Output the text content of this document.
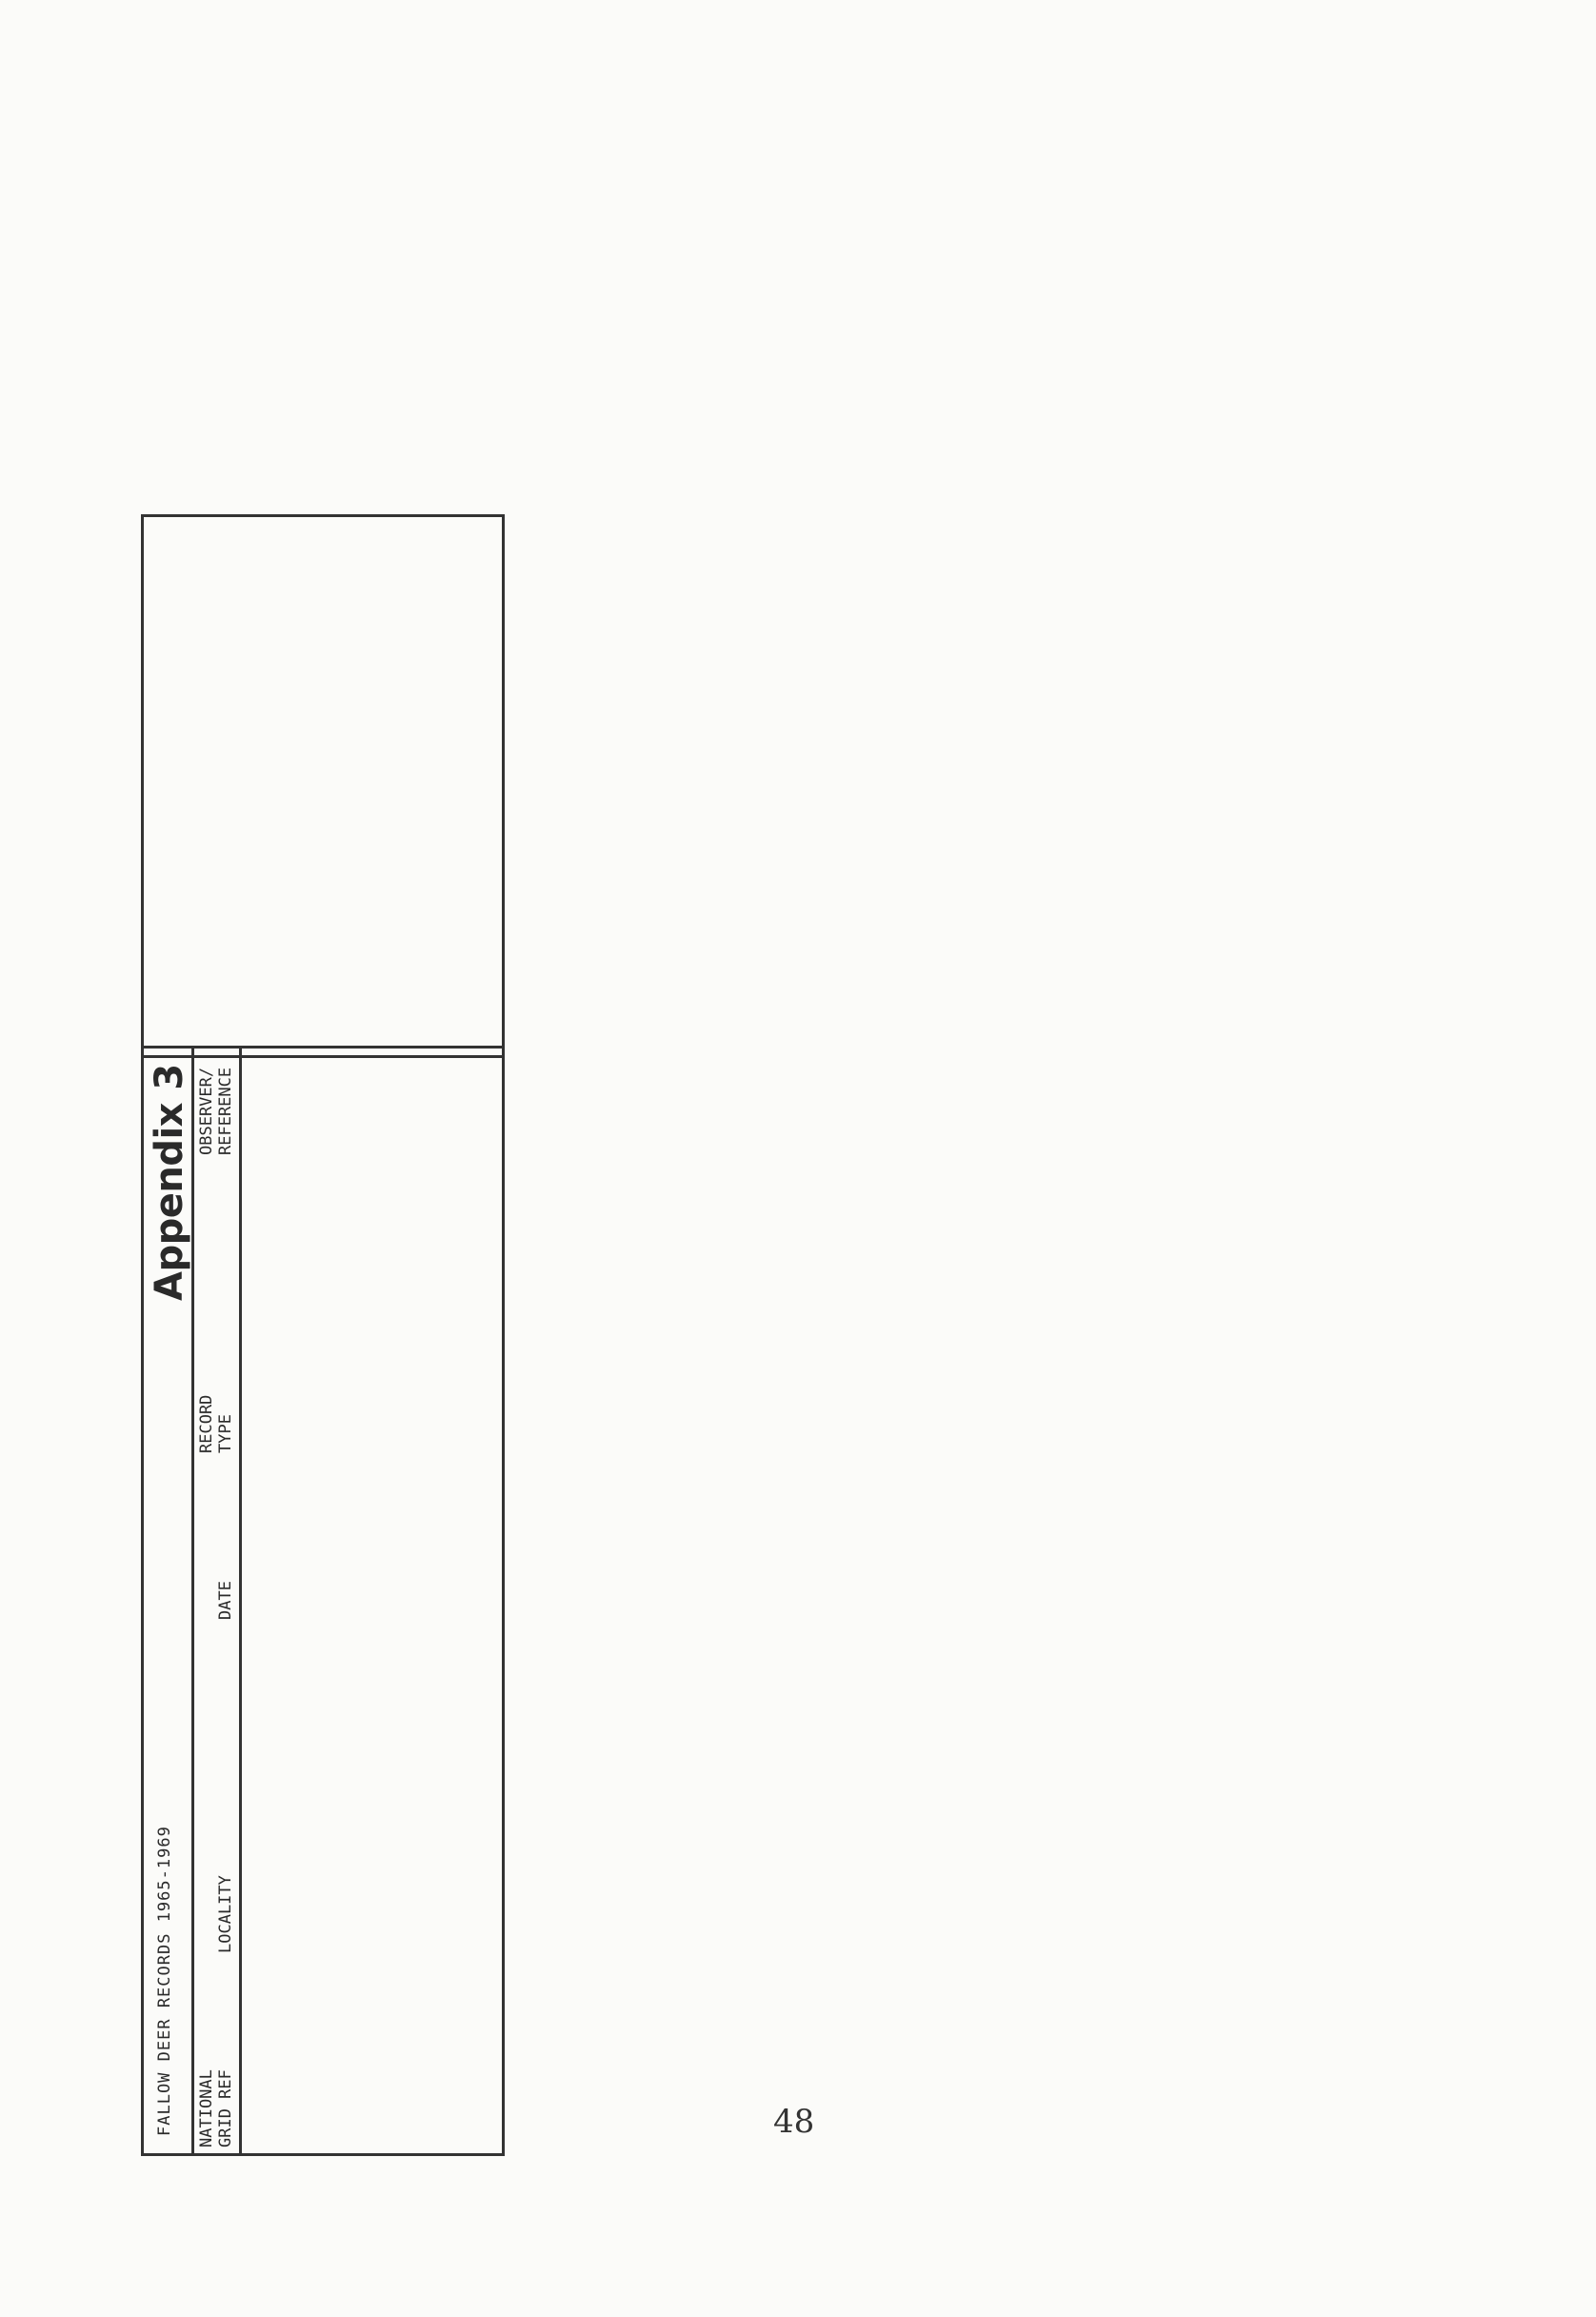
48
FALLOW DEER RECORDS 1965-1969
Appendix 3
NATIONAL
GRID REF
LOCALITY
DATE
RECORD
TYPE
OBSERVER/
REFERENCE
